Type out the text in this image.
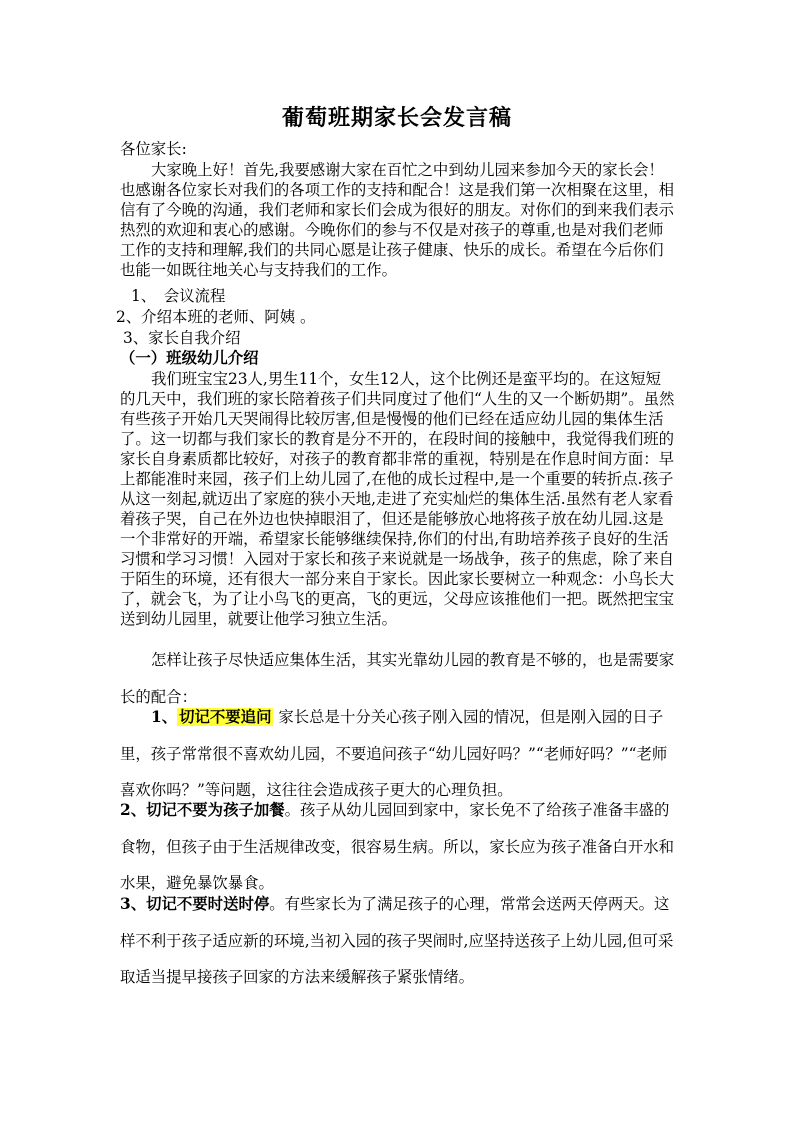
葡萄班期家长会发言稿
各位家长:
大家晚上好！首先,我要感谢大家在百忙之中到幼儿园来参加今天的家长会！也感谢各位家长对我们的各项工作的支持和配合！这是我们第一次相聚在这里，相信有了今晚的沟通，我们老师和家长们会成为很好的朋友。对你们的到来我们表示热烈的欢迎和衷心的感谢。今晚你们的参与不仅是对孩子的尊重,也是对我们老师工作的支持和理解,我们的共同心愿是让孩子健康、快乐的成长。希望在今后你们也能一如既往地关心与支持我们的工作。
1、　会议流程
2、介绍本班的老师、阿姨 。
3、家长自我介绍
（一）班级幼儿介绍
我们班宝宝23人,男生11个，女生12人，这个比例还是蛮平均的。在这短短的几天中，我们班的家长陪着孩子们共同度过了他们“人生的又一个断奶期”。虽然有些孩子开始几天哭闹得比较厉害,但是慢慢的他们已经在适应幼儿园的集体生活了。这一切都与我们家长的教育是分不开的，在段时间的接触中，我觉得我们班的家长自身素质都比较好，对孩子的教育都非常的重视，特别是在作息时间方面：早上都能准时来园，孩子们上幼儿园了,在他的成长过程中,是一个重要的转折点.孩子从这一刻起,就迈出了家庭的狭小天地,走进了充实灿烂的集体生活.虽然有老人家看着孩子哭，自己在外边也快掉眼泪了，但还是能够放心地将孩子放在幼儿园.这是一个非常好的开端，希望家长能够继续保持,你们的付出,有助培养孩子良好的生活习惯和学习习惯！入园对于家长和孩子来说就是一场战争，孩子的焦虑，除了来自于陌生的环境，还有很大一部分来自于家长。因此家长要树立一种观念：小鸟长大了，就会飞，为了让小鸟飞的更高，飞的更远，父母应该推他们一把。既然把宝宝送到幼儿园里，就要让他学习独立生活。
怎样让孩子尽快适应集体生活，其实光靠幼儿园的教育是不够的，也是需要家长的配合：
1、 切记不要追问 家长总是十分关心孩子刚入园的情况，但是刚入园的日子里，孩子常常很不喜欢幼儿园，不要追问孩子“幼儿园好吗？”“老师好吗？”“老师喜欢你吗？”等问题，这往往会造成孩子更大的心理负担。
2、切记不要为孩子加餐。孩子从幼儿园回到家中，家长免不了给孩子准备丰盛的食物，但孩子由于生活规律改变，很容易生病。所以，家长应为孩子准备白开水和水果，避免暴饮暴食。
3、切记不要时送时停。有些家长为了满足孩子的心理，常常会送两天停两天。这样不利于孩子适应新的环境,当初入园的孩子哭闹时,应坚持送孩子上幼儿园,但可采取适当提早接孩子回家的方法来缓解孩子紧张情绪。
